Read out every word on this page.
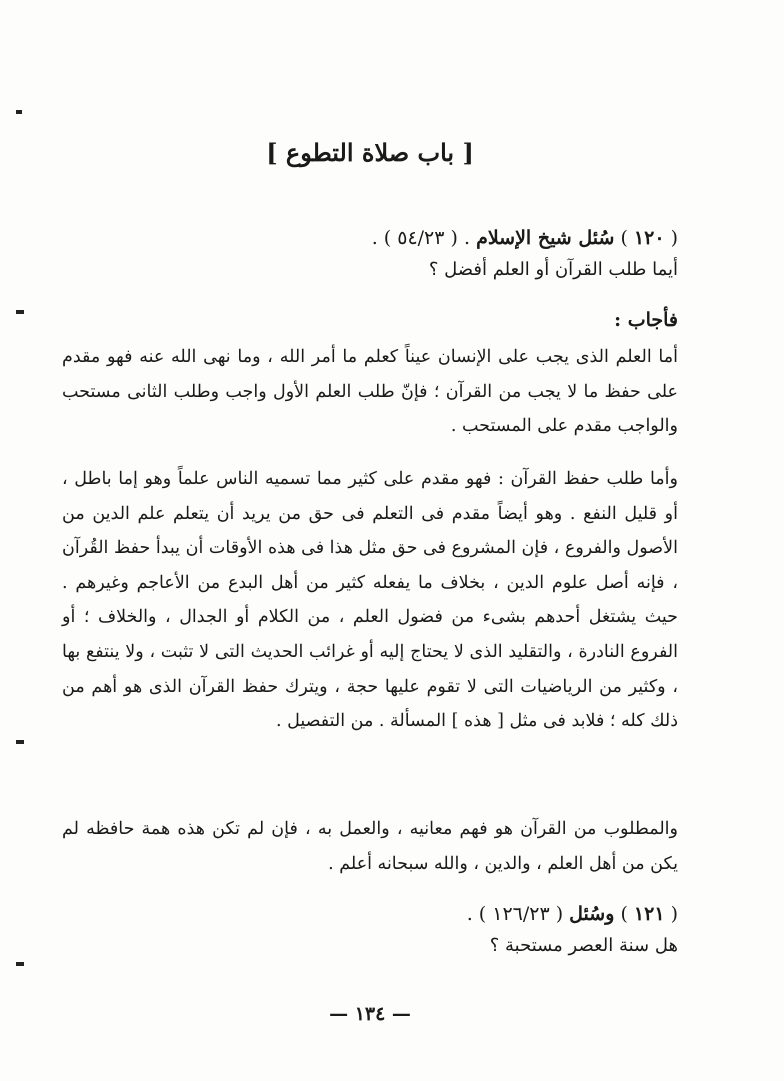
[ باب صلاة التطوع ]

( ١٢٠ ) سُئل شيخ الإسلام . ( ٥٤/٢٣ ) .

أيما طلب القرآن أو العلم أفضل ؟

فأجاب :

أما العلم الذى يجب على الإنسان عيناً كعلم ما أمر الله ، وما نهى الله عنه فهو مقدم على حفظ ما لا يجب من القرآن ؛ فإنّ طلب العلم الأول واجب وطلب الثانى مستحب والواجب مقدم على المستحب .

وأما طلب حفظ القرآن : فهو مقدم على كثير مما تسميه الناس علماً وهو إما باطل ، أو قليل النفع . وهو أيضاً مقدم فى التعلم فى حق من يريد أن يتعلم علم الدين من الأصول والفروع ، فإن المشروع فى حق مثل هذا فى هذه الأوقات أن يبدأ حفظ القُرآن ، فإنه أصل علوم الدين ، بخلاف ما يفعله كثير من أهل البدع من الأعاجم وغيرهم . حيث يشتغل أحدهم بشىء من فضول العلم ، من الكلام أو الجدال ، والخلاف ؛ أو الفروع النادرة ، والتقليد الذى لا يحتاج إليه أو غرائب الحديث التى لا تثبت ، ولا ينتفع بها ، وكثير من الرياضيات التى لا تقوم عليها حجة ، ويترك حفظ القرآن الذى هو أهم من ذلك كله ؛ فلابد فى مثل [ هذه ] المسألة . من التفصيل .

والمطلوب من القرآن هو فهم معانيه ، والعمل به ، فإن لم تكن هذه همة حافظه لم يكن من أهل العلم ، والدين ، والله سبحانه أعلم .

( ١٢١ ) وسُئل ( ١٢٦/٢٣ ) .

هل سنة العصر مستحبة ؟

— ١٣٤ —
